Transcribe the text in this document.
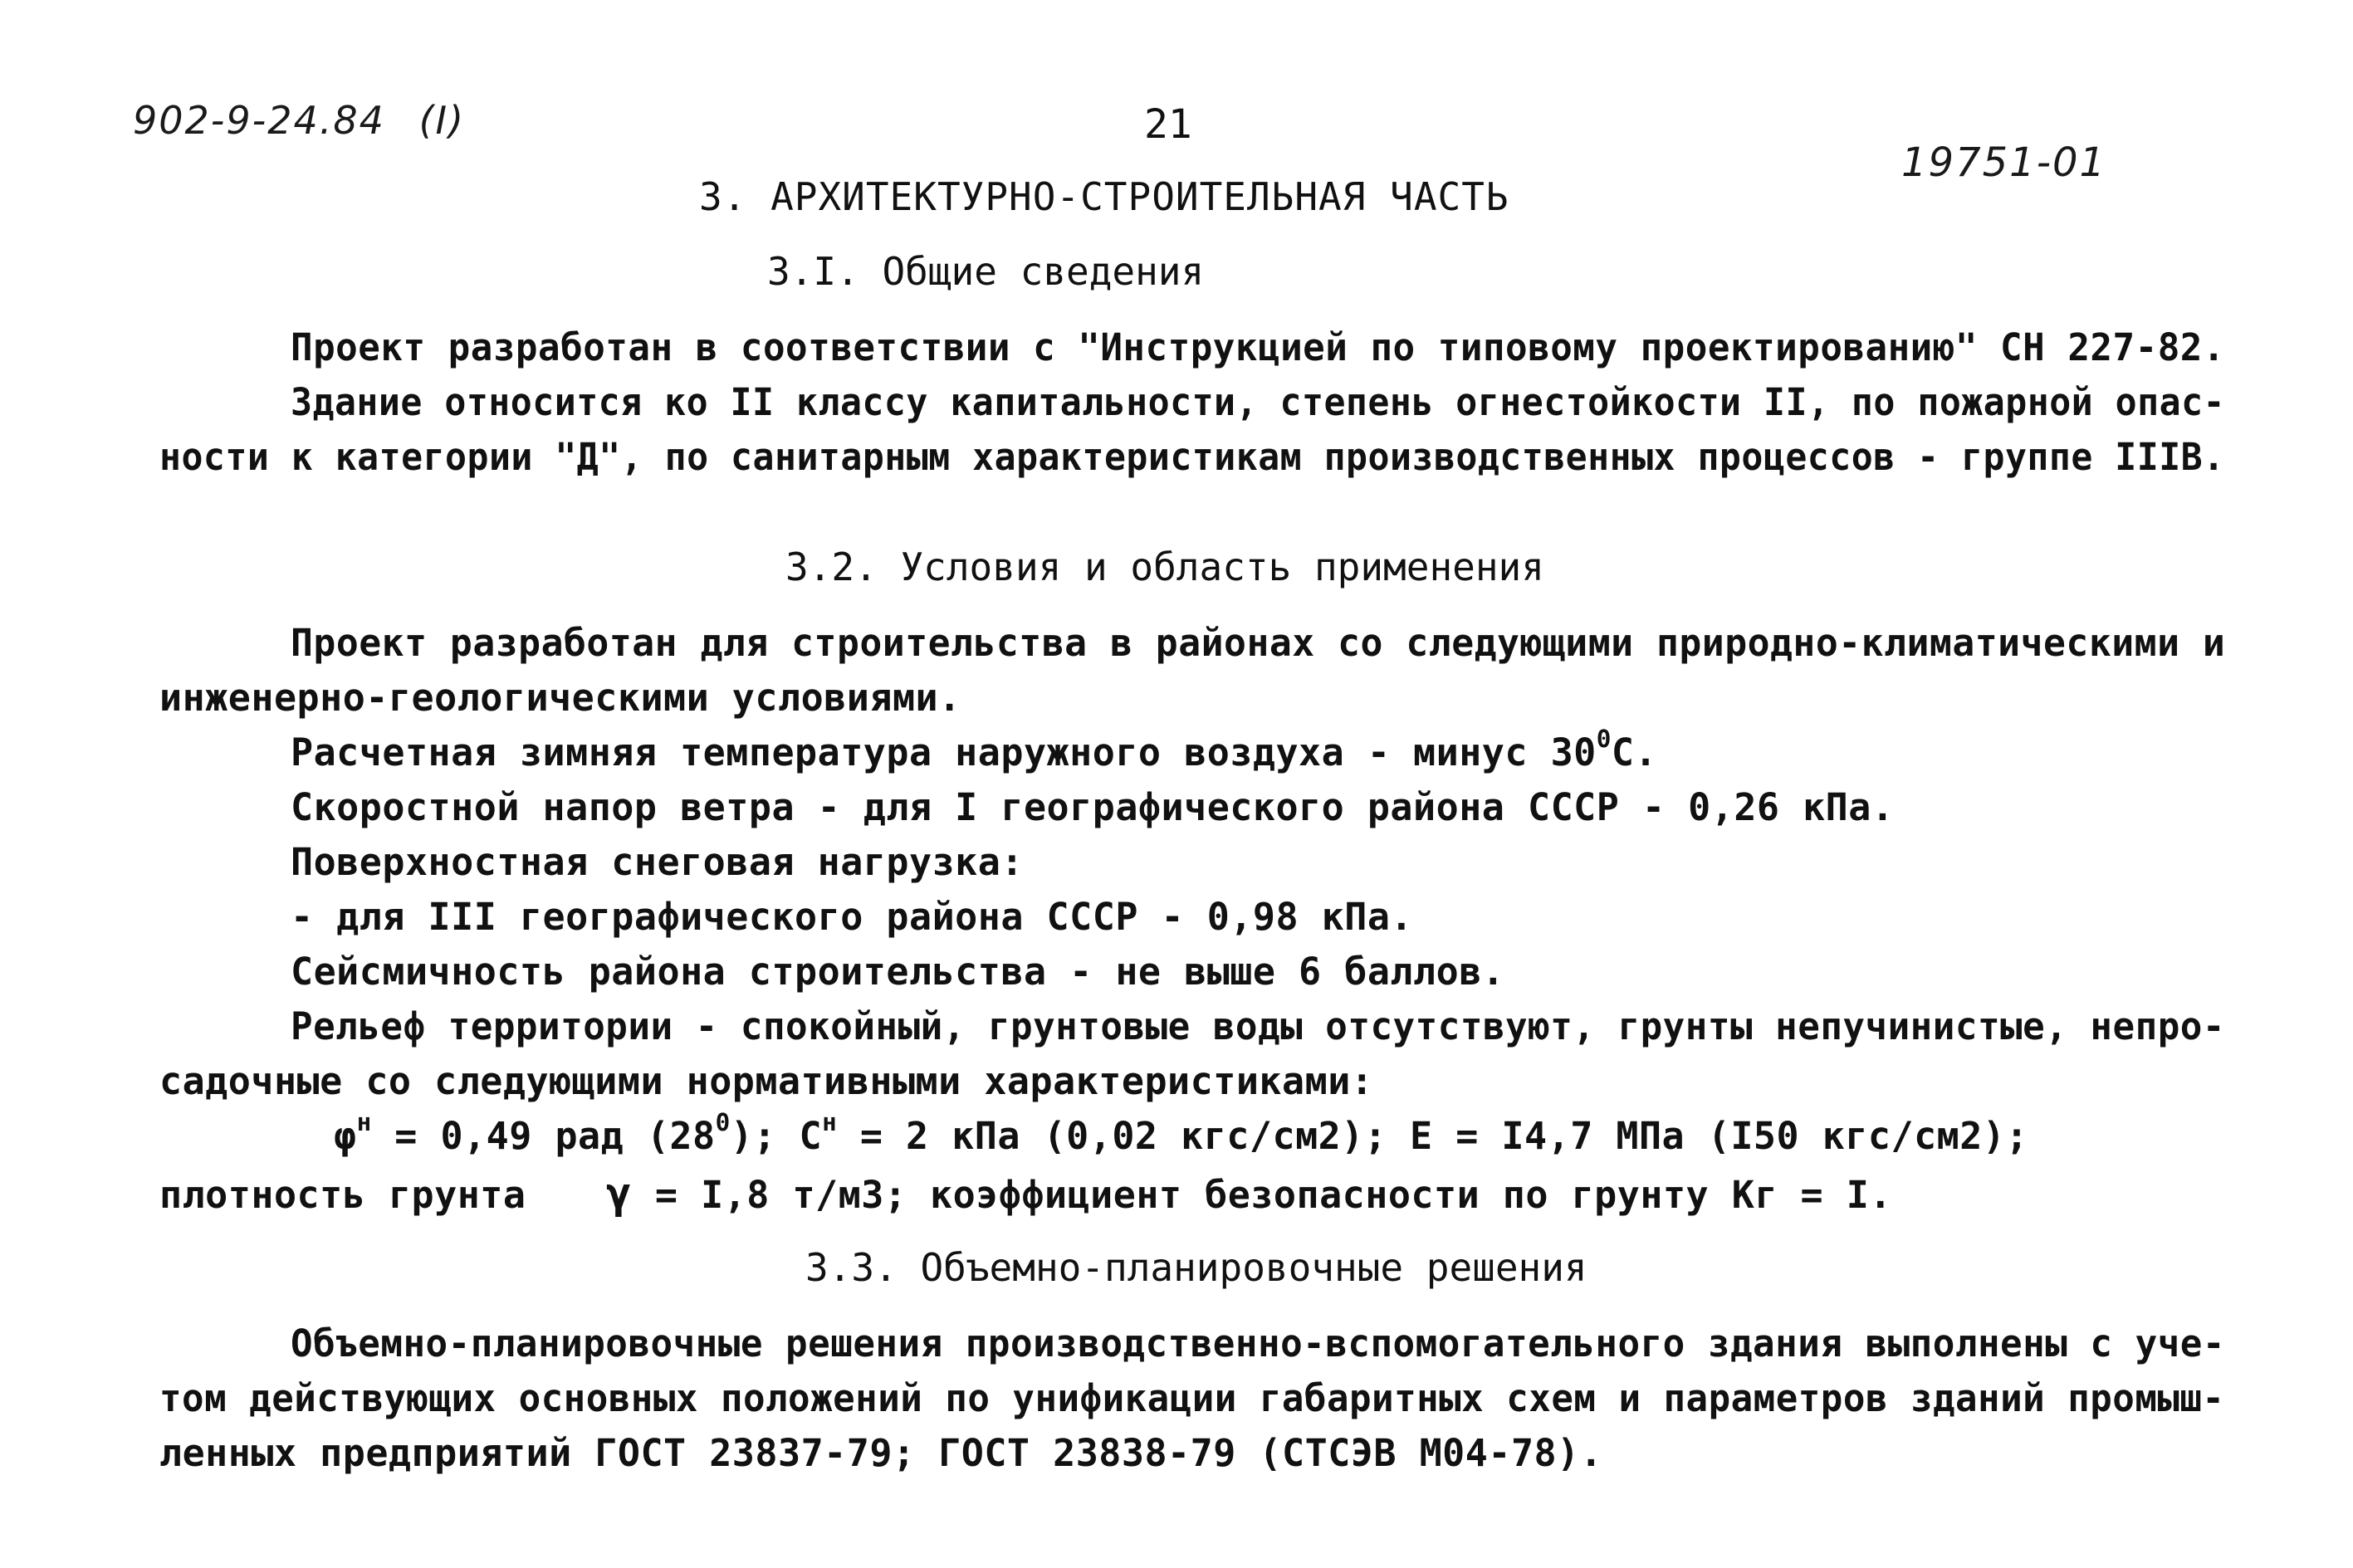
902-9-24.84 (I)	21
19751-01
3. АРХИТЕКТУРНО-СТРОИТЕЛЬНАЯ ЧАСТЬ
3.I. Общие сведения
Проект разработан в соответствии с "Инструкцией по типовому проектированию" СН 227-82.
Здание относится ко II классу капитальности, степень огнестойкости II, по пожарной опас-
ности к категории "Д", по санитарным характеристикам производственных процессов - группе IIIВ.
3.2. Условия и область применения
Проект разработан для строительства в районах со следующими природно-климатическими и
инженерно-геологическими условиями.
Расчетная зимняя температура наружного воздуха - минус $30^0С$.
Скоростной напор ветра - для I географического района СССР - 0,26 кПа.
Поверхностная снеговая нагрузка:
- для III географического района СССР - 0,98 кПа.
Сейсмичность района строительства - не выше 6 баллов.
Рельеф территории - спокойный, грунтовые воды отсутствуют, грунты непучинистые, непро-
садочные со следующими нормативными характеристиками:
$\varphi^н = 0,49$ рад $(28^0)$; $С^н = 2$ кПа (0,02 кгс/см2); Е = I4,7 МПа (I50 кгс/см2);
плотность грунта γ = I,8 т/м3; коэффициент безопасности по грунту Кг = I.
3.3. Объемно-планировочные решения
Объемно-планировочные решения производственно-вспомогательного здания выполнены с уче-
том действующих основных положений по унификации габаритных схем и параметров зданий промыш-
ленных предприятий ГОСТ 23837-79; ГОСТ 23838-79 (СТСЭВ М04-78).
